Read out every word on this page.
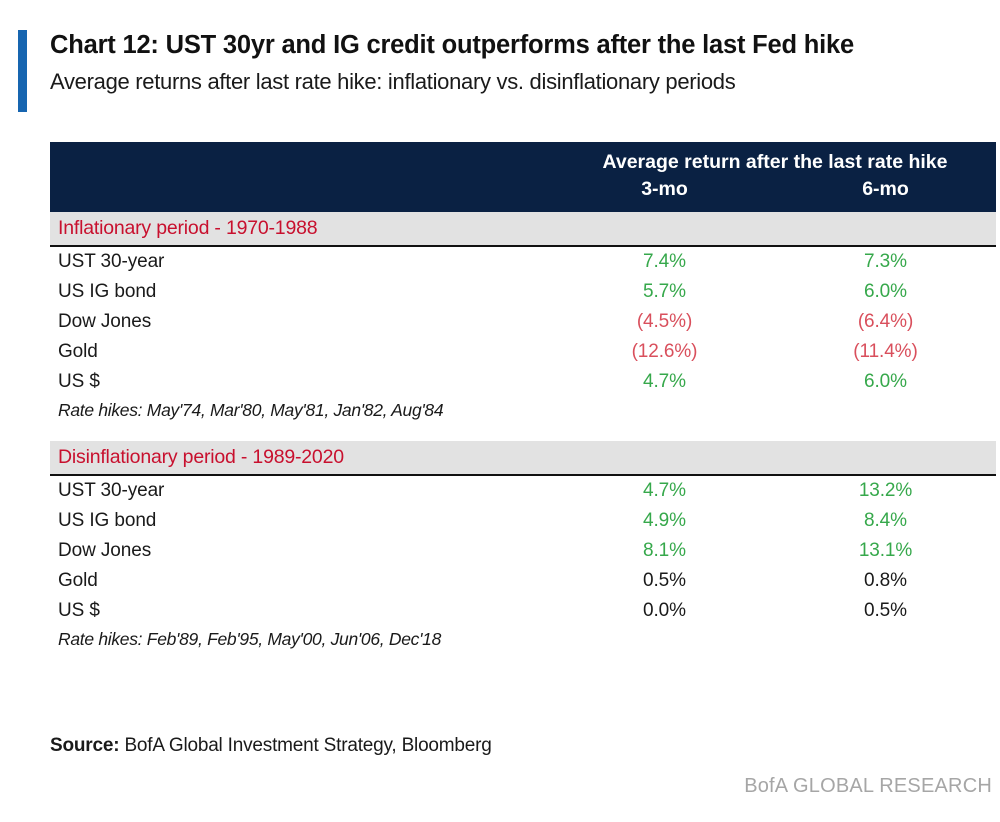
Chart 12: UST 30yr and IG credit outperforms after the last Fed hike
Average returns after last rate hike: inflationary vs. disinflationary periods
	Average return after the last rate hike	
	3-mo	6-mo
Inflationary period - 1970-1988		
UST 30-year	7.4%	7.3%
US IG bond	5.7%	6.0%
Dow Jones	(4.5%)	(6.4%)
Gold	(12.6%)	(11.4%)
US $	4.7%	6.0%
Rate hikes: May'74, Mar'80, May'81, Jan'82, Aug'84		

Disinflationary period - 1989-2020		
UST 30-year	4.7%	13.2%
US IG bond	4.9%	8.4%
Dow Jones	8.1%	13.1%
Gold	0.5%	0.8%
US $	0.0%	0.5%
Rate hikes: Feb'89, Feb'95, May'00, Jun'06, Dec'18		
Source: BofA Global Investment Strategy, Bloomberg
BofA GLOBAL RESEARCH
